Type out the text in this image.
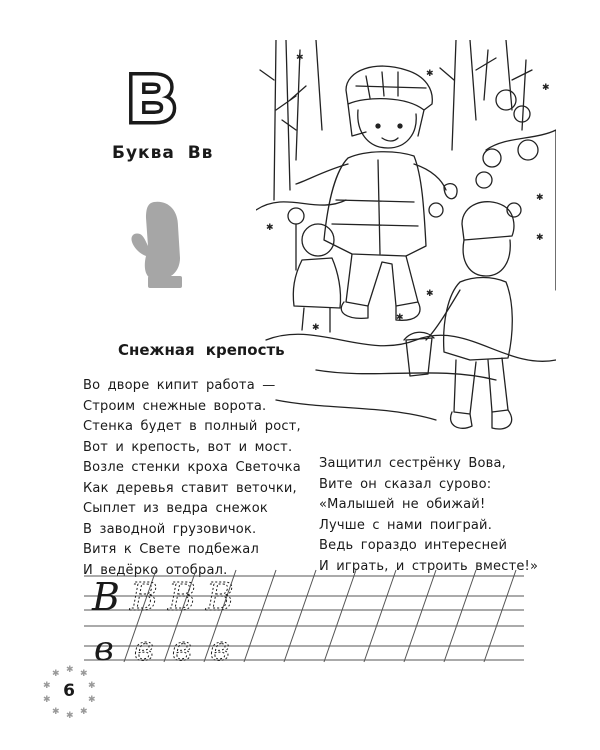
В
Буква Вв
✱
✱
✱
✱
✱
✱
✱
✱
✱
Снежная крепость
Во дворе кипит работа —
Строим снежные ворота.
Стенка будет в полный рост,
Вот и крепость, вот и мост.
Возле стенки кроха Светочка
Как деревья ставит веточки,
Сыплет из ведра снежок
В заводной грузовичок.
Витя к Свете подбежал
И ведёрко отобрал.
Защитил сестрёнку Вова,
Вите он сказал сурово:
«Малышей не обижай!
Лучше с нами поиграй.
Ведь гораздо интересней
И играть, и строить вместе!»
В В В В
в в в в
✱ ✱
✱
✱
✱
✱
✱
✱
✱
✱
6
